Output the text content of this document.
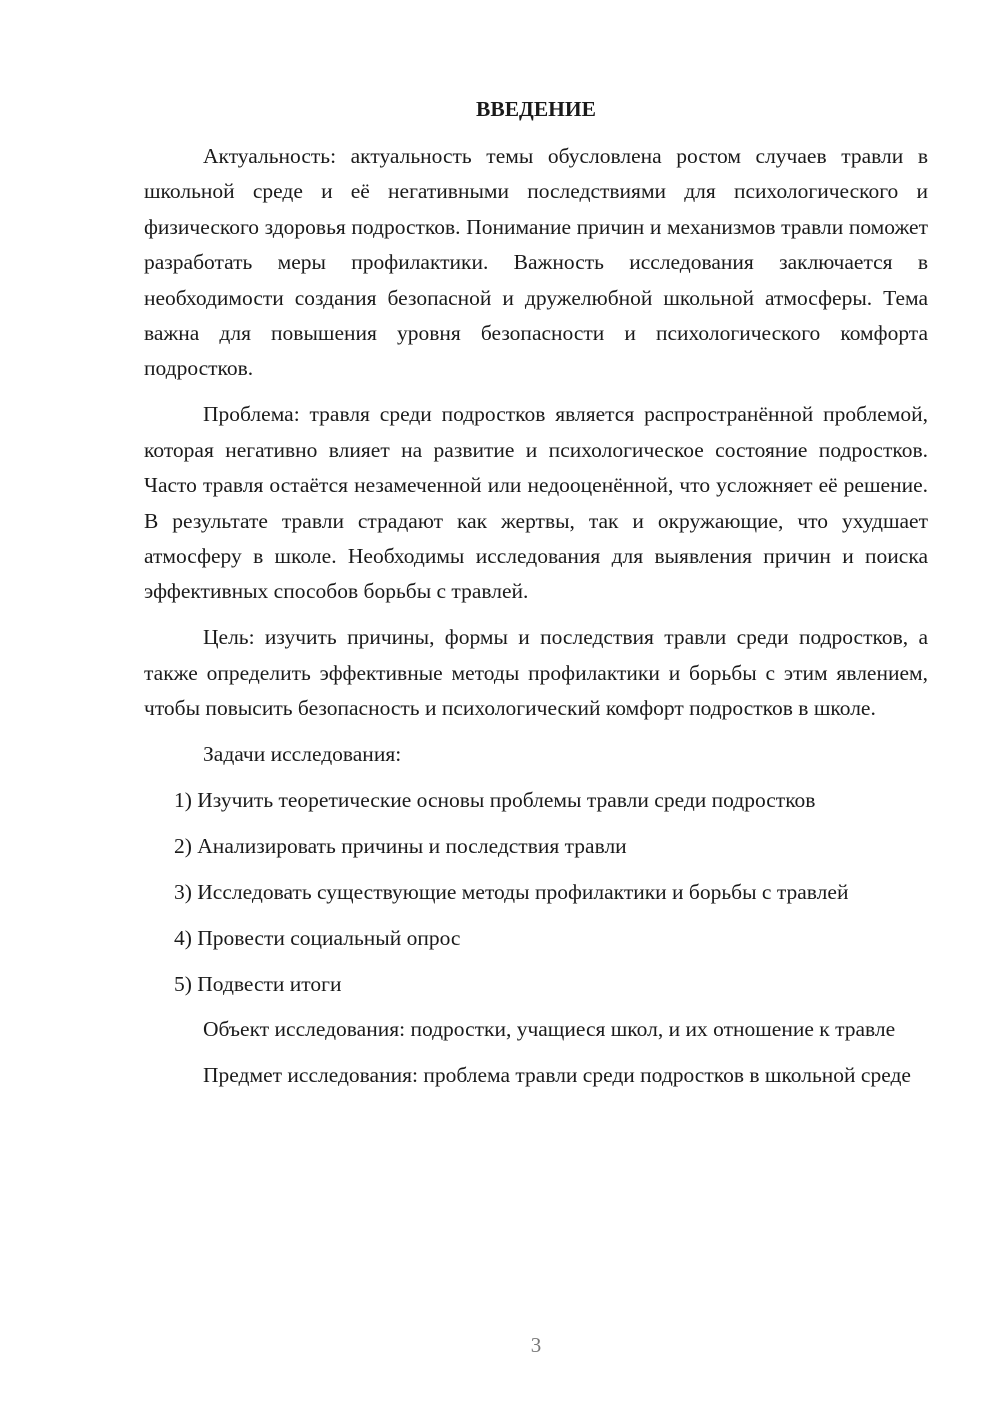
ВВЕДЕНИЕ

Актуальность: актуальность темы обусловлена ростом случаев травли в школьной среде и её негативными последствиями для психологического и физического здоровья подростков. Понимание причин и механизмов травли поможет разработать меры профилактики. Важность исследования заключается в необходимости создания безопасной и дружелюбной школьной атмосферы. Тема важна для повышения уровня безопасности и психологического комфорта подростков.

Проблема: травля среди подростков является распространённой проблемой, которая негативно влияет на развитие и психологическое состояние подростков. Часто травля остаётся незамеченной или недооценённой, что усложняет её решение. В результате травли страдают как жертвы, так и окружающие, что ухудшает атмосферу в школе. Необходимы исследования для выявления причин и поиска эффективных способов борьбы с травлей.

Цель: изучить причины, формы и последствия травли среди подростков, а также определить эффективные методы профилактики и борьбы с этим явлением, чтобы повысить безопасность и психологический комфорт подростков в школе.

Задачи исследования:

1) Изучить теоретические основы проблемы травли среди подростков

2) Анализировать причины и последствия травли

3) Исследовать существующие методы профилактики и борьбы с травлей

4) Провести социальный опрос

5) Подвести итоги

Объект исследования: подростки, учащиеся школ, и их отношение к травле

Предмет исследования: проблема травли среди подростков в школьной среде

3
